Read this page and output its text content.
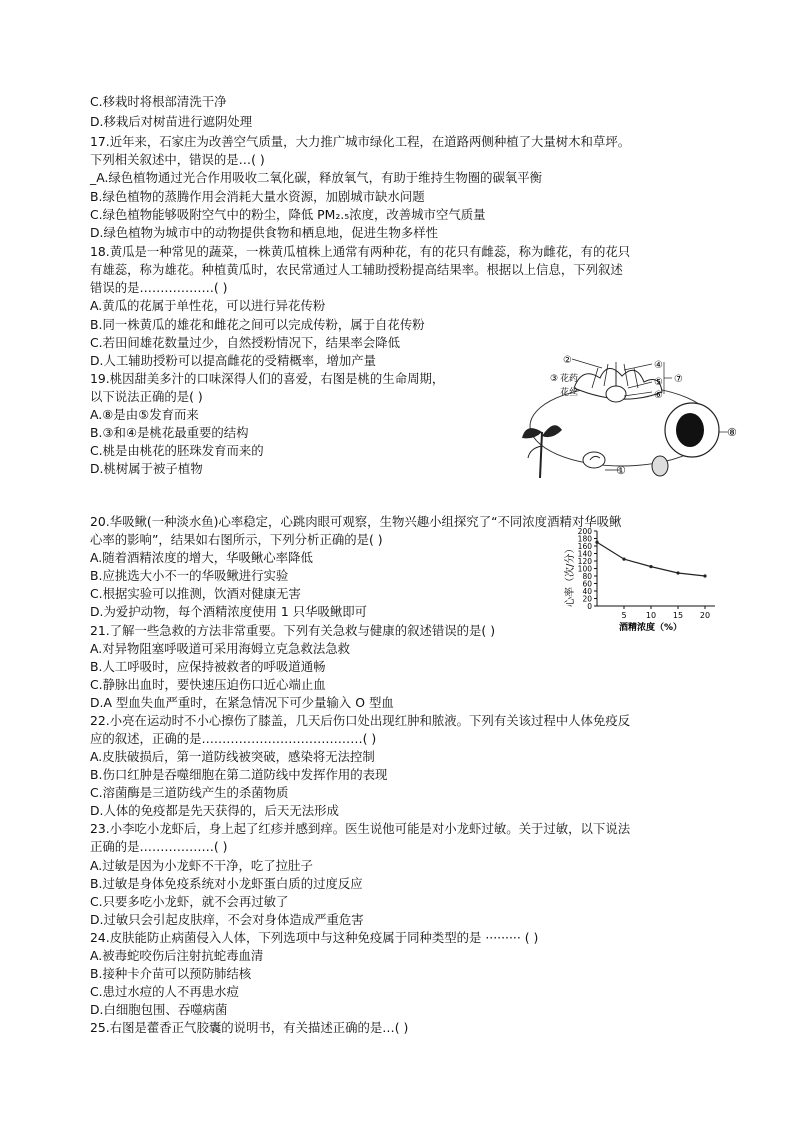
C.移栽时将根部清洗干净
D.移栽后对树苗进行遮阴处理
17.近年来，石家庄为改善空气质量，大力推广城市绿化工程，在道路两侧种植了大量树木和草坪。
下列相关叙述中，错误的是…( )
_A.绿色植物通过光合作用吸收二氧化碳，释放氧气，有助于维持生物圈的碳氧平衡
B.绿色植物的蒸腾作用会消耗大量水资源，加剧城市缺水问题
C.绿色植物能够吸附空气中的粉尘，降低 PM₂.₅浓度，改善城市空气质量
D.绿色植物为城市中的动物提供食物和栖息地，促进生物多样性
18.黄瓜是一种常见的蔬菜，一株黄瓜植株上通常有两种花，有的花只有雌蕊，称为雌花，有的花只
有雄蕊，称为雄花。种植黄瓜时，农民常通过人工辅助授粉提高结果率。根据以上信息，下列叙述
错误的是………………( )
A.黄瓜的花属于单性花，可以进行异花传粉
B.同一株黄瓜的雄花和雌花之间可以完成传粉，属于自花传粉
C.若田间雄花数量过少，自然授粉情况下，结果率会降低
D.人工辅助授粉可以提高雌花的受精概率，增加产量
19.桃因甜美多汁的口味深得人们的喜爱，右图是桃的生命周期，
以下说法正确的是( )
A.⑧是由⑤发育而来
B.③和④是桃花最重要的结构
C.桃是由桃花的胚珠发育而来的
D.桃树属于被子植物
20.华吸鳅(一种淡水鱼)心率稳定，心跳肉眼可观察，生物兴趣小组探究了“不同浓度酒精对华吸鳅
心率的影响”，结果如右图所示，下列分析正确的是( )
A.随着酒精浓度的增大，华吸鳅心率降低
B.应挑选大小不一的华吸鳅进行实验
C.根据实验可以推测，饮酒对健康无害
D.为爱护动物，每个酒精浓度使用 1 只华吸鳅即可
21.了解一些急救的方法非常重要。下列有关急救与健康的叙述错误的是( )
A.对异物阻塞呼吸道可采用海姆立克急救法急救
B.人工呼吸时，应保持被救者的呼吸道通畅
C.静脉出血时，要快速压迫伤口近心端止血
D.A 型血失血严重时，在紧急情况下可少量输入 O 型血
22.小亮在运动时不小心擦伤了膝盖，几天后伤口处出现红肿和脓液。下列有关该过程中人体免疫反
应的叙述，正确的是…………………………………( )
A.皮肤破损后，第一道防线被突破，感染将无法控制
B.伤口红肿是吞噬细胞在第二道防线中发挥作用的表现
C.溶菌酶是三道防线产生的杀菌物质
D.人体的免疫都是先天获得的，后天无法形成
23.小李吃小龙虾后，身上起了红疹并感到痒。医生说他可能是对小龙虾过敏。关于过敏，以下说法
正确的是………………( )
A.过敏是因为小龙虾不干净，吃了拉肚子
B.过敏是身体免疫系统对小龙虾蛋白质的过度反应
C.只要多吃小龙虾，就不会再过敏了
D.过敏只会引起皮肤痒，不会对身体造成严重危害
24.皮肤能防止病菌侵入人体，下列选项中与这种免疫属于同种类型的是 ········· ( )
A.被毒蛇咬伤后注射抗蛇毒血清
B.接种卡介苗可以预防肺结核
C.患过水痘的人不再患水痘
D.白细胞包围、吞噬病菌
25.右图是藿香正气胶囊的说明书，有关描述正确的是…( )
②	④
③	⑤ ⑦
⑥
花药
花丝
⑧
①
心率（次/分） 0
20
40
60
80
100
120
140
160
180
200
5 10 15 20
酒精浓度（%）
